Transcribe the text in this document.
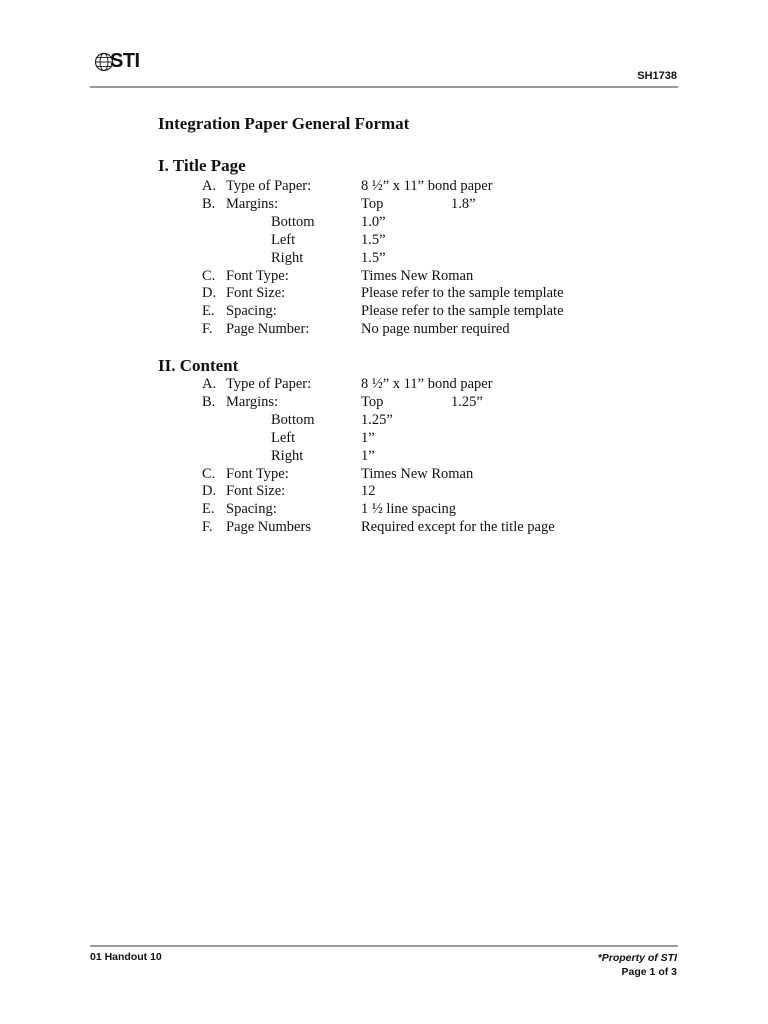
STI
SH1738
Integration Paper General Format
I. Title Page
A. Type of Paper:	8 ½” x 11” bond paper
B. Margins:	Top	1.8”
Bottom	1.0”
Left	1.5”
Right	1.5”
C. Font Type:	Times New Roman
D. Font Size:	Please refer to the sample template
E. Spacing:	Please refer to the sample template
F. Page Number:	No page number required
II. Content
A. Type of Paper:	8 ½” x 11” bond paper
B. Margins:	Top	1.25”
Bottom	1.25”
Left	1”
Right	1”
C. Font Type:	Times New Roman
D. Font Size:	12
E. Spacing:	1 ½ line spacing
F. Page Numbers	Required except for the title page
01 Handout 10	*Property of STI
Page 1 of 3
